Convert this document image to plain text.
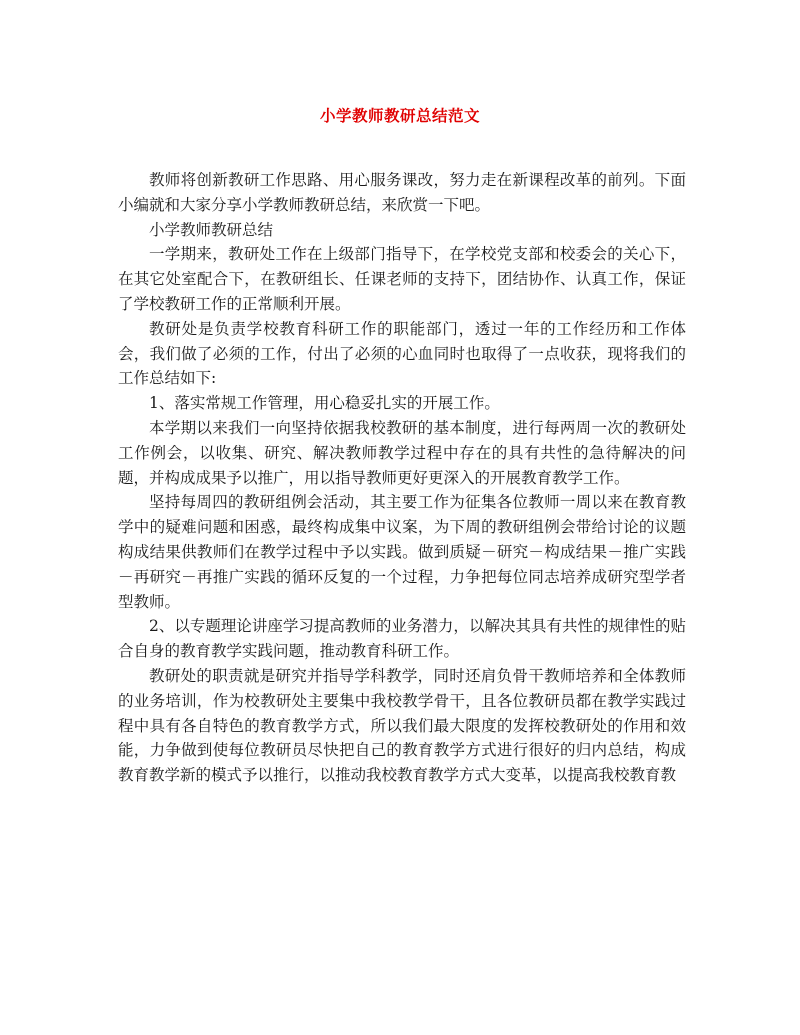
小学教师教研总结范文

教师将创新教研工作思路、用心服务课改，努力走在新课程改革的前列。下面小编就和大家分享小学教师教研总结，来欣赏一下吧。

小学教师教研总结

一学期来，教研处工作在上级部门指导下，在学校党支部和校委会的关心下，在其它处室配合下，在教研组长、任课老师的支持下，团结协作、认真工作，保证了学校教研工作的正常顺利开展。

教研处是负责学校教育科研工作的职能部门，透过一年的工作经历和工作体会，我们做了必须的工作，付出了必须的心血同时也取得了一点收获，现将我们的工作总结如下:

1、落实常规工作管理，用心稳妥扎实的开展工作。

本学期以来我们一向坚持依据我校教研的基本制度，进行每两周一次的教研处工作例会，以收集、研究、解决教师教学过程中存在的具有共性的急待解决的问题，并构成成果予以推广，用以指导教师更好更深入的开展教育教学工作。

坚持每周四的教研组例会活动，其主要工作为征集各位教师一周以来在教育教学中的疑难问题和困惑，最终构成集中议案，为下周的教研组例会带给讨论的议题构成结果供教师们在教学过程中予以实践。做到质疑－研究－构成结果－推广实践－再研究－再推广实践的循环反复的一个过程，力争把每位同志培养成研究型学者型教师。

2、以专题理论讲座学习提高教师的业务潜力，以解决其具有共性的规律性的贴合自身的教育教学实践问题，推动教育科研工作。

教研处的职责就是研究并指导学科教学，同时还肩负骨干教师培养和全体教师的业务培训，作为校教研处主要集中我校教学骨干，且各位教研员都在教学实践过程中具有各自特色的教育教学方式，所以我们最大限度的发挥校教研处的作用和效能，力争做到使每位教研员尽快把自己的教育教学方式进行很好的归内总结，构成教育教学新的模式予以推行，以推动我校教育教学方式大变革，以提高我校教育教
